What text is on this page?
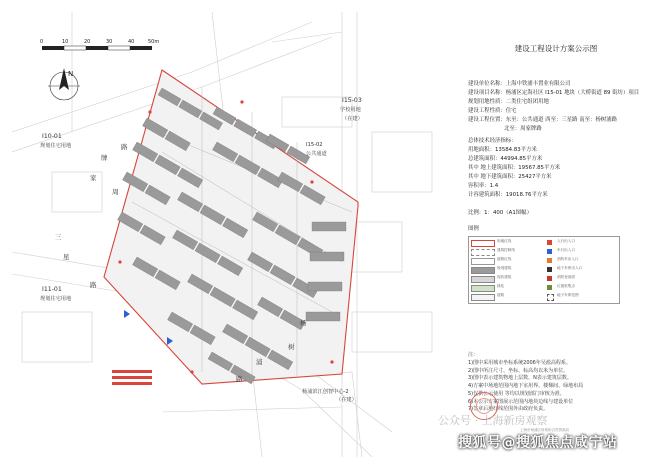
0	10	20	30	40	50m
N
I15-03
学校用地
（在建）
I10-01
规划住宅用地
I11-01
规划住宅用地
I15-02
公共通道
周
家
牌
路
三
星
路
杨
树
浦
路
杨浦滨江创智中心-2
（在建）
建设工程设计方案公示图
建设单位名称：上海中铁浦丰置业有限公司
建设项目名称：杨浦区定海社区 I15-01 地块（大桥街道 89 街坊）项目
规划用地性质：二类住宅组团用地
建设工程性质：住宅
建设工程位置：东至：公共通道 西至：三星路 南至：杨树浦路
北至：周家牌路
总体技术经济指标：
用地面积：13584.83平方米
总建筑面积：44994.85平方米
其中 地上建筑面积：19567.85平方米
其中 地下建筑面积：25427平方米
容积率：1.4
计容建筑面积：19018.76平方米
比例：1：400（A1图幅）
图例
用地红线	人行出入口
建筑控制线	车行出入口
道路红线	消防车出入口
规划建筑	地下车库出入口
现状建筑	消防登高面
绿化	垃圾收集点
道路	地下车库范围
注：
1)图中采用城市坐标系统2006年吴淞高程系。
2)图中所注尺寸、坐标、标高均以米为单位。
3)图中表示建筑物地上层数，N表示建筑层数。
4)方案中场地范围内地下室用界、楼梯间、绿地布局
5)仅供公示使用 等均以规划部门审核为准。
6)本公示方案图展示范围内地块边线与建设单位
7)签章后地红线范围外由政府负责。
上海市杨浦区规划和自然资源局
公众号 · 上海新房观察
搜狐号@搜狐焦点咸宁站
